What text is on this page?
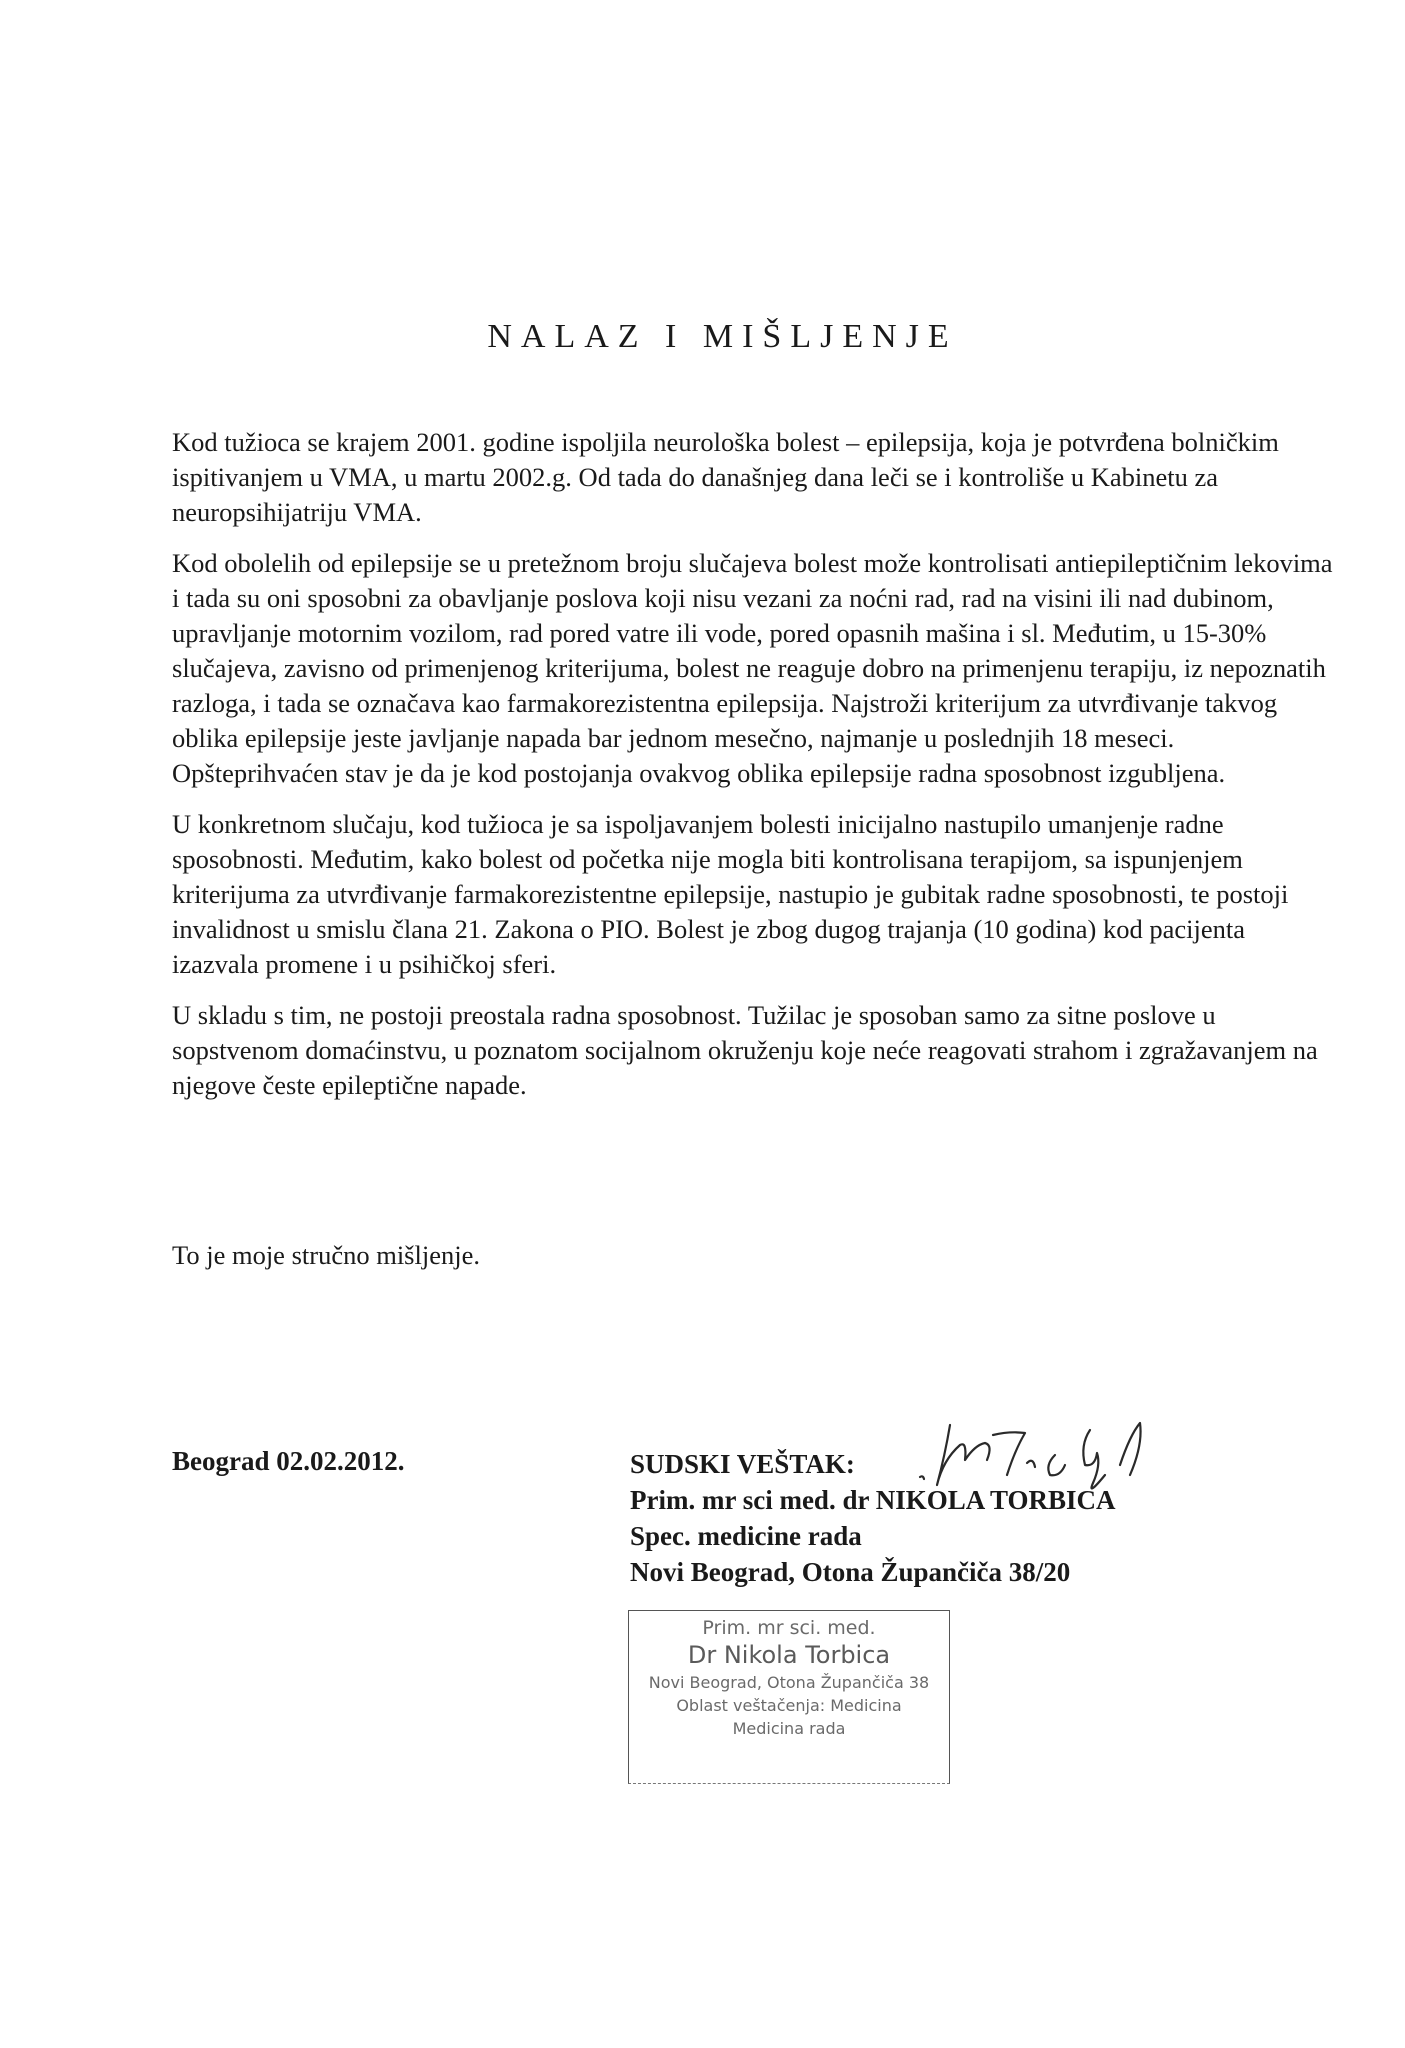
NALAZ I MIŠLJENJE

Kod tužioca se krajem 2001. godine ispoljila neurološka bolest – epilepsija, koja je potvrđena bolničkim ispitivanjem u VMA, u martu 2002.g. Od tada do današnjeg dana leči se i kontroliše u Kabinetu za neuropsihijatriju VMA.

Kod obolelih od epilepsije se u pretežnom broju slučajeva bolest može kontrolisati antiepileptičnim lekovima i tada su oni sposobni za obavljanje poslova koji nisu vezani za noćni rad, rad na visini ili nad dubinom, upravljanje motornim vozilom, rad pored vatre ili vode, pored opasnih mašina i sl. Međutim, u 15-30% slučajeva, zavisno od primenjenog kriterijuma, bolest ne reaguje dobro na primenjenu terapiju, iz nepoznatih razloga, i tada se označava kao farmakorezistentna epilepsija. Najstroži kriterijum za utvrđivanje takvog oblika epilepsije jeste javljanje napada bar jednom mesečno, najmanje u poslednjih 18 meseci. Opšteprihvaćen stav je da je kod postojanja ovakvog oblika epilepsije radna sposobnost izgubljena.

U konkretnom slučaju, kod tužioca je sa ispoljavanjem bolesti inicijalno nastupilo umanjenje radne sposobnosti. Međutim, kako bolest od početka nije mogla biti kontrolisana terapijom, sa ispunjenjem kriterijuma za utvrđivanje farmakorezistentne epilepsije, nastupio je gubitak radne sposobnosti, te postoji invalidnost u smislu člana 21. Zakona o PIO. Bolest je zbog dugog trajanja (10 godina) kod pacijenta izazvala promene i u psihičkoj sferi.

U skladu s tim, ne postoji preostala radna sposobnost. Tužilac je sposoban samo za sitne poslove u sopstvenom domaćinstvu, u poznatom socijalnom okruženju koje neće reagovati strahom i zgražavanjem na njegove česte epileptične napade.

To je moje stručno mišljenje.
Beograd 02.02.2012.	SUDSKI VEŠTAK:
Prim. mr sci med. dr NIKOLA TORBICA
Spec. medicine rada
Novi Beograd, Otona Župančiča 38/20
Prim. mr sci. med.
Dr Nikola Torbica
Novi Beograd, Otona Župančiča 38
Oblast veštačenja: Medicina
Medicina rada
